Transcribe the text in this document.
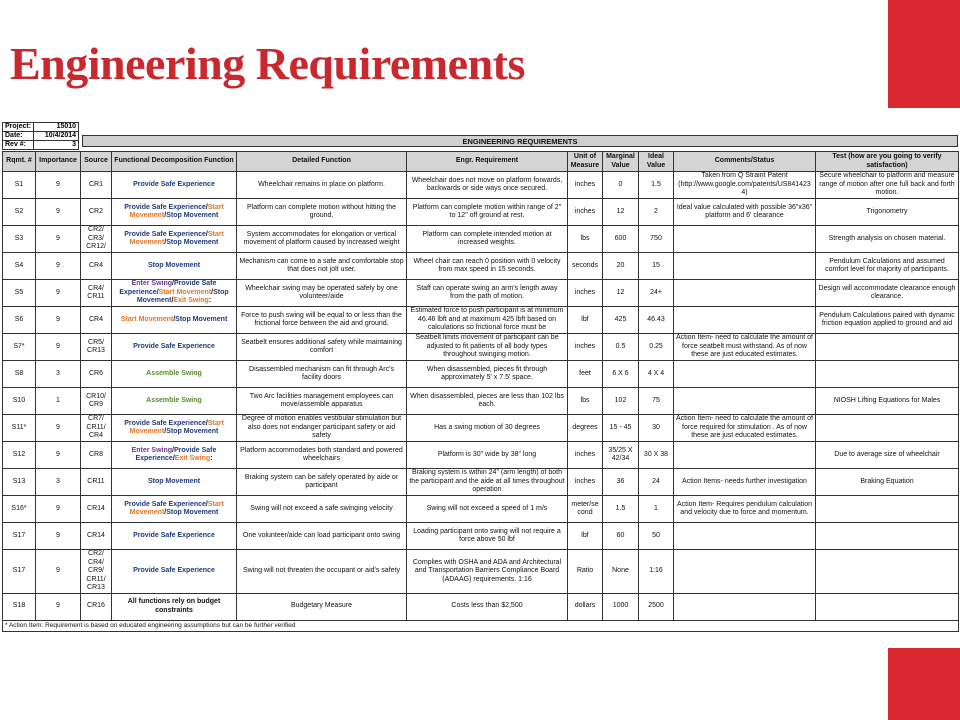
Engineering Requirements
Project:	15010
Date:	10/4/2014
Rev #:	3	ENGINEERING REQUIREMENTS
Rqmt. #	Importance	Source	Functional Decomposition Function	Detailed Function	Engr. Requirement	Unit of Measure	Marginal Value	Ideal Value	Comments/Status	Test (how are you going to verify satisfaction)
S1	9	CR1	Provide Safe Experience	Wheelchair remains in place on platform.	Wheelchair does not move on platform forwards, backwards or side ways once secured.	inches	0	1.5	Taken from Q Straint Patent (http://www.google.com/patents/US841423 4)	Secure wheelchair to platform and measure range of motion after one full back and forth motion.
S2	9	CR2	Provide Safe Experience/Start Movement/Stop Movement	Platform can complete motion without hitting the ground.	Platform can complete motion within range of 2" to 12" off ground at rest.	inches	12	2	Ideal value calculated with possible 36"x36" platform and 6' clearance	Trigonometry
S3	9	CR2/ CR3/ CR12/	Provide Safe Experience/Start Movement/Stop Movement	System accommodates for elongation or vertical movement of platform caused by increased weight	Platform can complete intended motion at increased weights.	lbs	600	750		Strength analysis on chosen material.
S4	9	CR4	Stop Movement	Mechanism can come to a safe and comfortable stop that does not jolt user.	Wheel chair can reach 0 position with 0 velocity from max speed in 15 seconds.	seconds	20	15		Pendulum Calculations and assumed comfort level for majority of participants.
S5	9	CR4/ CR11	Enter Swing/Provide Safe Experience/Start Movement/Stop Movement/Exit Swing:	Wheelchair swing may be operated safely by one volunteer/aide	Staff can operate swing an arm's length away from the path of motion.	inches	12	24+		Design will accommodate clearance enough clearance.
S6	9	CR4	Start Movement/Stop Movement	Force to push swing will be equal to or less than the frictional force between the aid and ground.	Estimated force to push participant is at minimum 46.46 lbft and at maximum 425 lbft based on calculations so frictional force must be	lbf	425	46.43		Pendulum Calculations paired with dynamic friction equation applied to ground and aid
S7*	9	CR5/ CR13	Provide Safe Experience	Seatbelt ensures additional safety while maintaining comfort	Seatbelt limits movement of participant can be adjusted to fit patients of all body types throughout swinging motion.	inches	0.5	0.25	Action Item- need to calculate the amount of force seatbelt must withstand. As of now these are just educated estimates.	
S8	3	CR6	Assemble Swing	Disassembled mechanism can fit through Arc's facility doors	When disassembled, pieces fit through approximately 5' x 7.5' space.	feet	6 X 6	4 X 4		
S10	1	CR10/ CR9	Assemble Swing	Two Arc facilities management employees can move/assemble apparatus	When disassembled, pieces are less than 102 lbs each.	lbs	102	75		NIOSH Lifting Equations for Males
S11*	9	CR7/ CR11/ CR4	Provide Safe Experience/Start Movement/Stop Movement	Degree of motion enables vestibular stimulation but also does not endanger participant safety or aid safety	Has a swing motion of 30 degrees	degrees	15 - 45	30	Action Item- need to calculate the amount of force required for stimulation . As of now these are just educated estimates.	
S12	9	CR8	Enter Swing/Provide Safe Experience/Exit Swing:	Platform accommodates both standard and powered wheelchairs	Platform is 30" wide by 38" long	inches	35/25 X 42/34	30 X 38		Due to average size of wheelchair
S13	3	CR11	Stop Movement	Braking system can be safely operated by aide or participant	Braking system is within 24" (arm length) of both the participant and the aide at all times throughout operation	inches	36	24	Action Items- needs further investigation	Braking Equation
S16*	9	CR14	Provide Safe Experience/Start Movement/Stop Movement	Swing will not exceed a safe swinging velocity	Swing will not exceed a speed of 1 m/s	meter/se cond	1.5	1	Action Item- Requires pendulum calculation and velocity due to force and momentum.	
S17	9	CR14	Provide Safe Experience	One volunteer/aide can load participant onto swing	Loading participant onto swing will not require a force above 50 lbf	lbf	60	50		
S17	9	CR2/ CR4/ CR9/ CR11/ CR13	Provide Safe Experience	Swing will not threaten the occupant or aid's safety	Complies with OSHA and ADA and Architectural and Transportation Barriers Compliance Board (ADAAG) requirements. 1:16	Ratio	None	1:16		
S18	9	CR16	All functions rely on budget constraints	Budgetary Measure	Costs less than $2,500	dollars	1000	2500		
* Action Item: Requirement is based on educated engineering assumptions but can be further verified										
